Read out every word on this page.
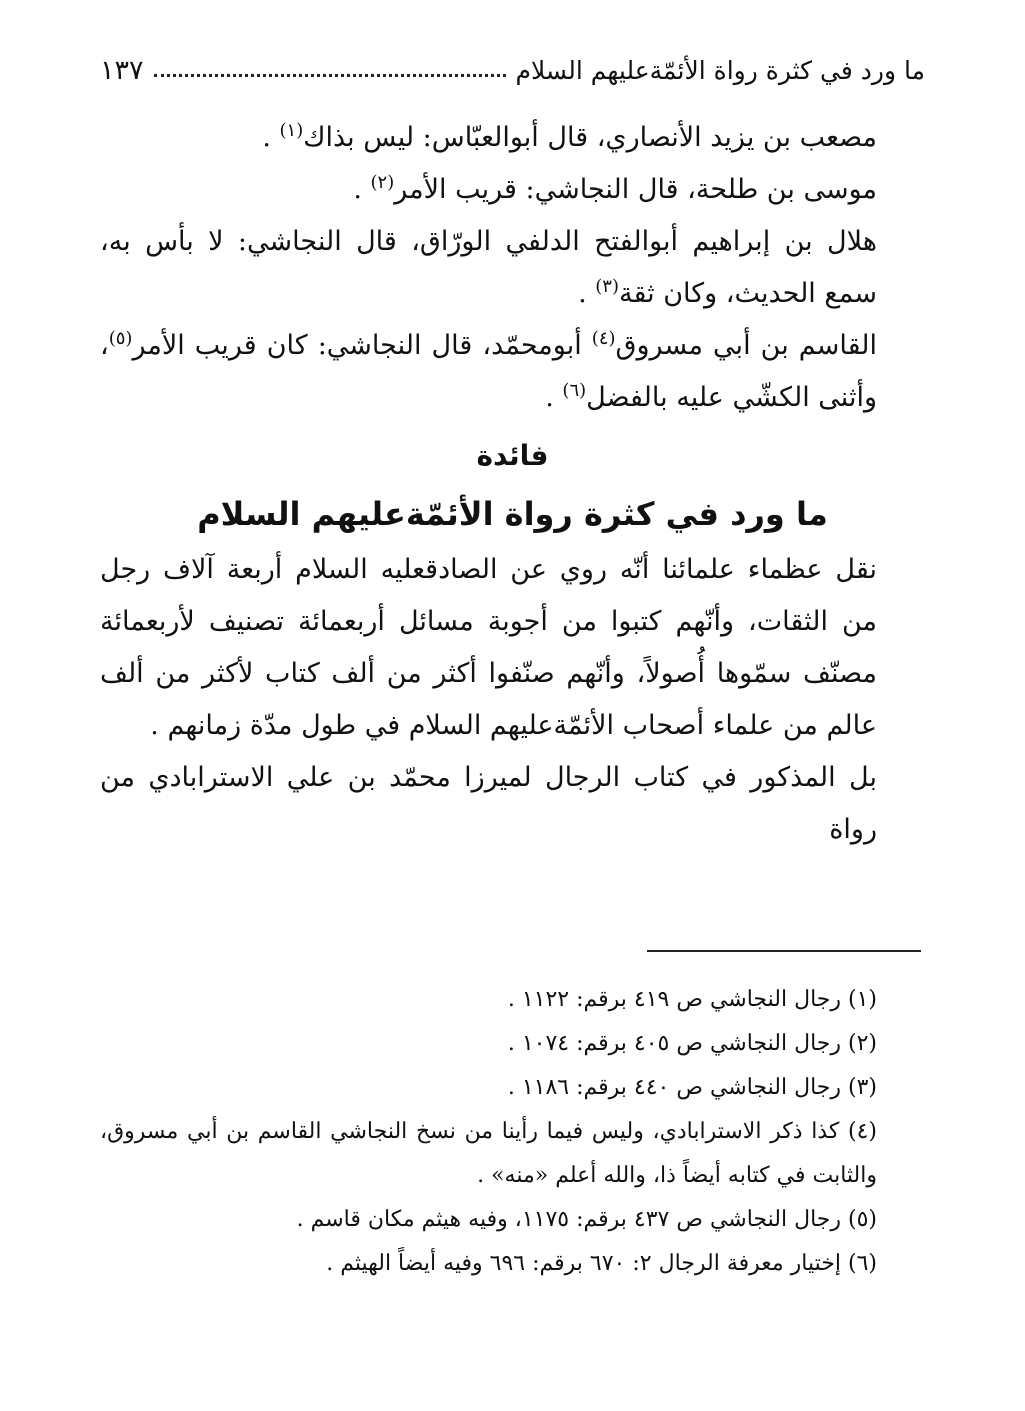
ما ورد في كثرة رواة الأئمّةعليهم السلام
١٣٧

مصعب بن يزيد الأنصاري، قال أبوالعبّاس: ليس بذاك$^{(١)}$ .

موسى بن طلحة، قال النجاشي: قريب الأمر$^{(٢)}$ .

هلال بن إبراهيم أبوالفتح الدلفي الورّاق، قال النجاشي: لا بأس به، سمع الحديث، وكان ثقة$^{(٣)}$ .

القاسم بن أبي مسروق$^{(٤)}$ أبومحمّد، قال النجاشي: كان قريب الأمر$^{(٥)}$، وأثنى الكشّي عليه بالفضل$^{(٦)}$ .

فائدة
ما ورد في كثرة رواة الأئمّةعليهم السلام

نقل عظماء علمائنا أنّه روي عن الصادقعليه السلام أربعة آلاف رجل من الثقات، وأنّهم كتبوا من أجوبة مسائل أربعمائة تصنيف لأربعمائة مصنّف سمّوها أُصولاً، وأنّهم صنّفوا أكثر من ألف كتاب لأكثر من ألف عالم من علماء أصحاب الأئمّةعليهم السلام في طول مدّة زمانهم .

بل المذكور في كتاب الرجال لميرزا محمّد بن علي الاسترابادي من رواة

(١) رجال النجاشي ص ٤١٩ برقم: ١١٢٢ .

(٢) رجال النجاشي ص ٤٠٥ برقم: ١٠٧٤ .

(٣) رجال النجاشي ص ٤٤٠ برقم: ١١٨٦ .

(٤) كذا ذكر الاسترابادي، وليس فيما رأينا من نسخ النجاشي القاسم بن أبي مسروق، والثابت في كتابه أيضاً ذا، والله أعلم «منه» .

(٥) رجال النجاشي ص ٤٣٧ برقم: ١١٧٥، وفيه هيثم مكان قاسم .

(٦) إختيار معرفة الرجال ٢: ٦٧٠ برقم: ٦٩٦ وفيه أيضاً الهيثم .
